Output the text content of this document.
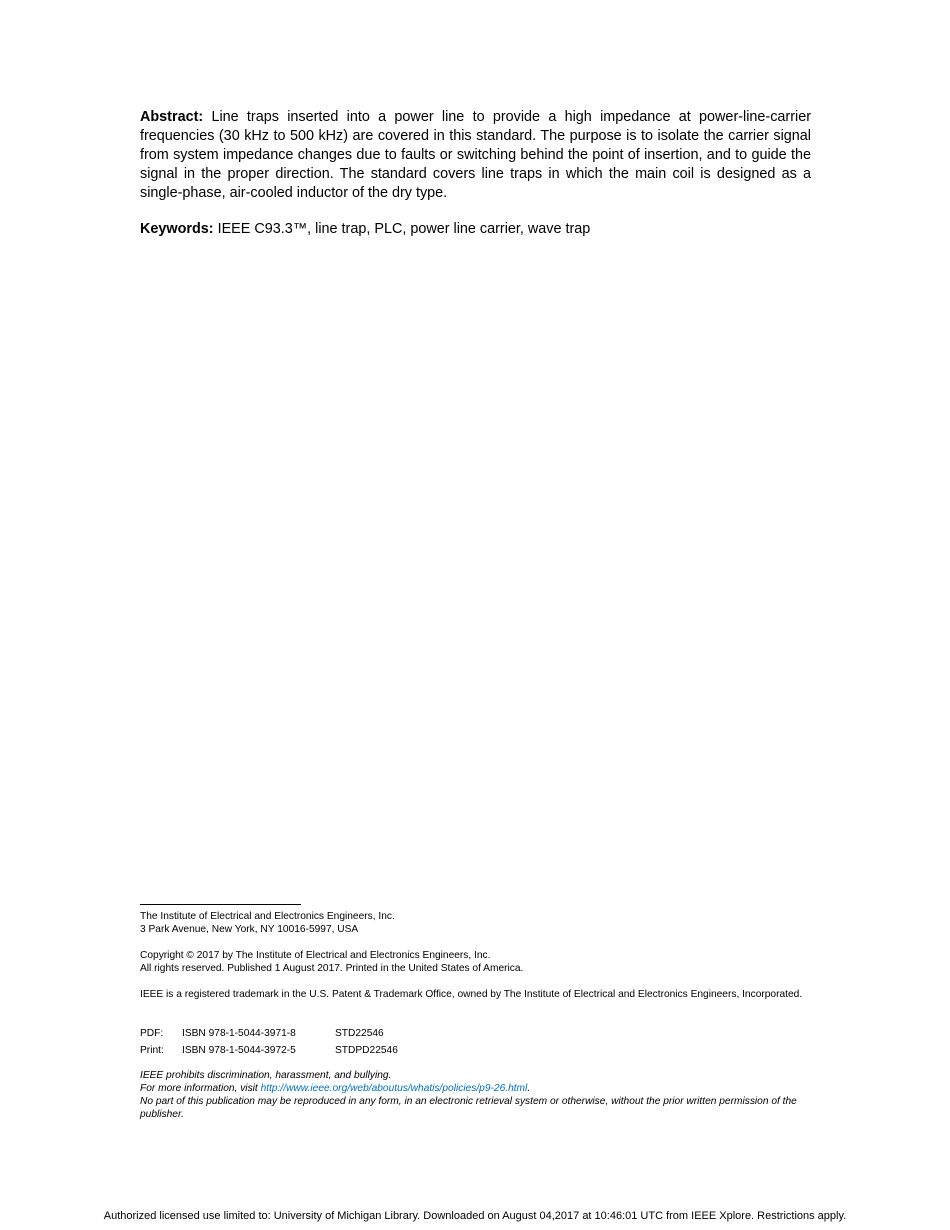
Abstract: Line traps inserted into a power line to provide a high impedance at power-line-carrier frequencies (30 kHz to 500 kHz) are covered in this standard. The purpose is to isolate the carrier signal from system impedance changes due to faults or switching behind the point of insertion, and to guide the signal in the proper direction. The standard covers line traps in which the main coil is designed as a single-phase, air-cooled inductor of the dry type.

Keywords: IEEE C93.3™, line trap, PLC, power line carrier, wave trap

The Institute of Electrical and Electronics Engineers, Inc.
3 Park Avenue, New York, NY 10016-5997, USA
Copyright © 2017 by The Institute of Electrical and Electronics Engineers, Inc.
All rights reserved. Published 1 August 2017. Printed in the United States of America.
IEEE is a registered trademark in the U.S. Patent & Trademark Office, owned by The Institute of Electrical and Electronics Engineers, Incorporated.
PDF:	ISBN 978-1-5044-3971-8	STD22546
Print:	ISBN 978-1-5044-3972-5	STDPD22546
IEEE prohibits discrimination, harassment, and bullying.
For more information, visit http://www.ieee.org/web/aboutus/whatis/policies/p9-26.html.
No part of this publication may be reproduced in any form, in an electronic retrieval system or otherwise, without the prior written permission of the publisher.
Authorized licensed use limited to: University of Michigan Library. Downloaded on August 04,2017 at 10:46:01 UTC from IEEE Xplore. Restrictions apply.
